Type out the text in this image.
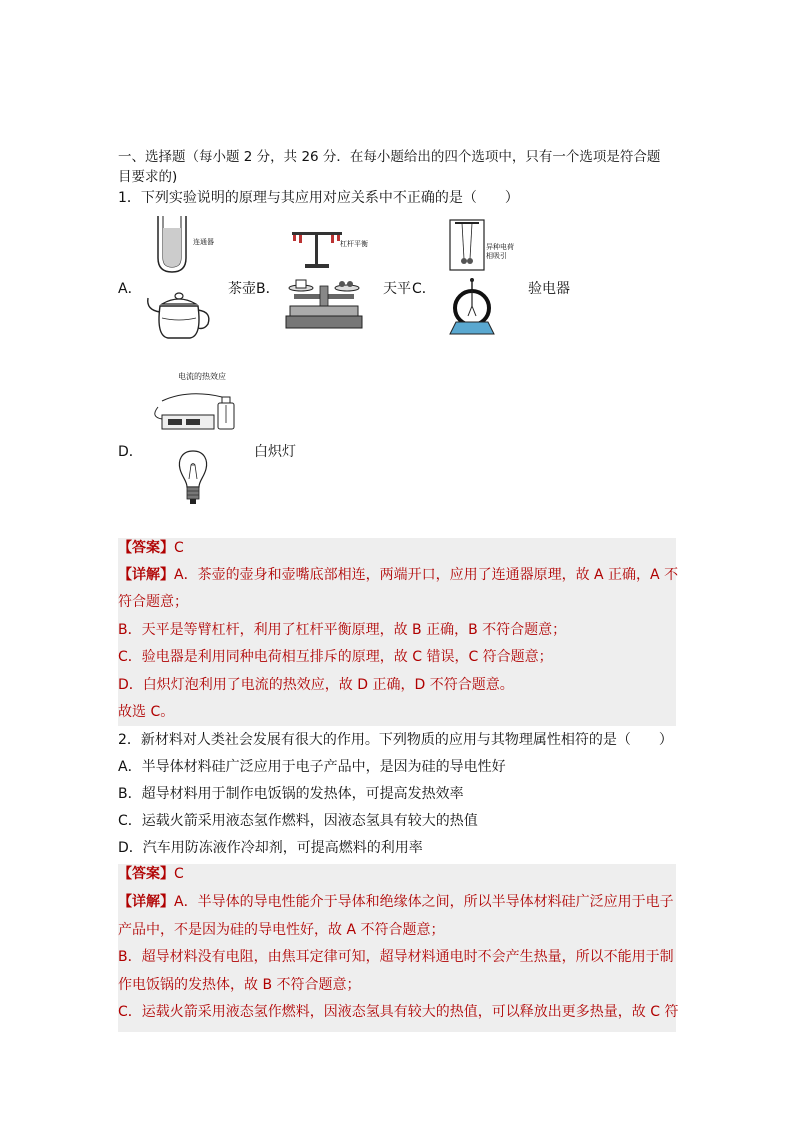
一、选择题（每小题 2 分，共 26 分．在每小题给出的四个选项中，只有一个选项是符合题
目要求的)
1．下列实验说明的原理与其应用对应关系中不正确的是（　　）
连通器	杠杆平衡	异种电荷
相吸引
A．	茶壶 B．	天平 C．	验电器
电流的热效应
D．	白炽灯
【答案】C
【详解】A．茶壶的壶身和壶嘴底部相连，两端开口，应用了连通器原理，故 A 正确，A 不
符合题意；
B．天平是等臂杠杆，利用了杠杆平衡原理，故 B 正确，B 不符合题意；
C．验电器是利用同种电荷相互排斥的原理，故 C 错误，C 符合题意；
D．白炽灯泡利用了电流的热效应，故 D 正确，D 不符合题意。
故选 C。
2．新材料对人类社会发展有很大的作用。下列物质的应用与其物理属性相符的是（　　）
A．半导体材料硅广泛应用于电子产品中，是因为硅的导电性好
B．超导材料用于制作电饭锅的发热体，可提高发热效率
C．运载火箭采用液态氢作燃料，因液态氢具有较大的热值
D．汽车用防冻液作冷却剂，可提高燃料的利用率
【答案】C
【详解】A．半导体的导电性能介于导体和绝缘体之间，所以半导体材料硅广泛应用于电子
产品中，不是因为硅的导电性好，故 A 不符合题意；
B．超导材料没有电阻，由焦耳定律可知，超导材料通电时不会产生热量，所以不能用于制
作电饭锅的发热体，故 B 不符合题意；
C．运载火箭采用液态氢作燃料，因液态氢具有较大的热值，可以释放出更多热量，故 C 符
